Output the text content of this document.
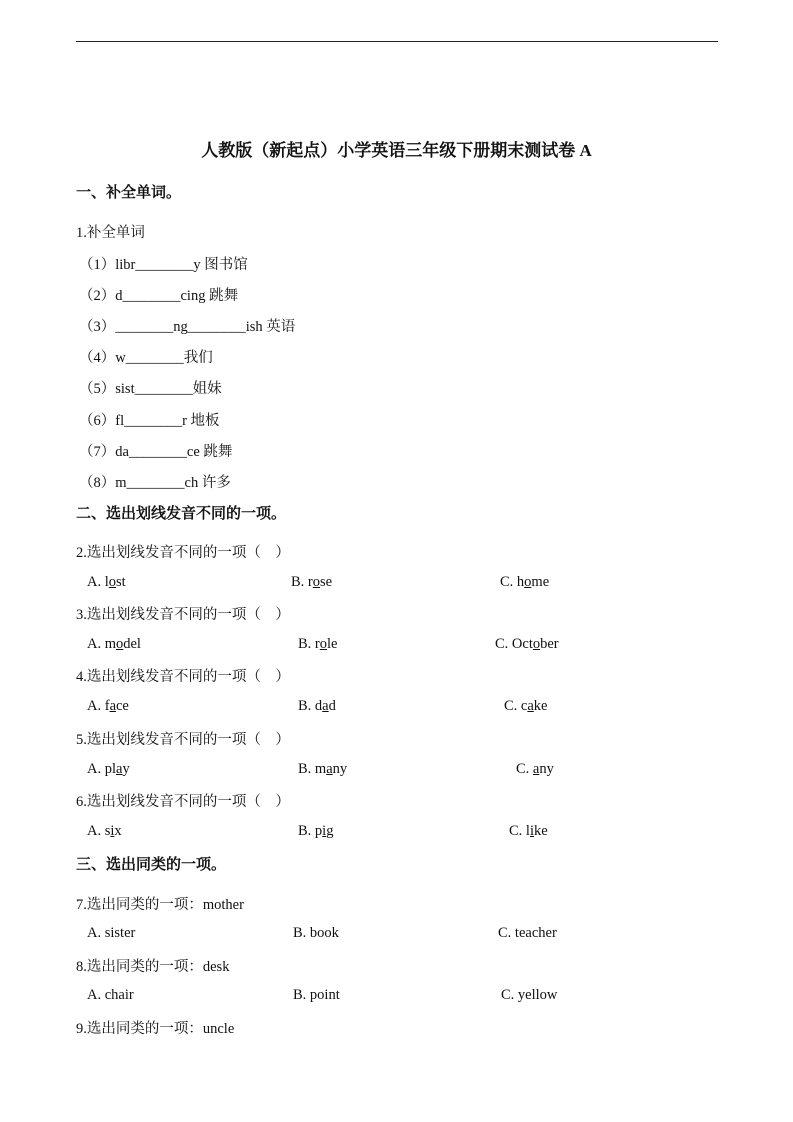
人教版（新起点）小学英语三年级下册期末测试卷 A
一、补全单词。
1.补全单词
（1）libr________y 图书馆
（2）d________cing 跳舞
（3）________ng________ish 英语
（4）w________我们
（5）sist________姐妹
（6）fl________r 地板
（7）da________ce 跳舞
（8）m________ch 许多
二、选出划线发音不同的一项。
2.选出划线发音不同的一项（　）
A. lost	B. rose	C. home
3.选出划线发音不同的一项（　）
A. model	B. role	C. October
4.选出划线发音不同的一项（　）
A. face	B. dad	C. cake
5.选出划线发音不同的一项（　）
A. play	B. many	C. any
6.选出划线发音不同的一项（　）
A. six	B. pig	C. like
三、选出同类的一项。
7.选出同类的一项：mother
A. sister	B. book	C. teacher
8.选出同类的一项：desk
A. chair	B. point	C. yellow
9.选出同类的一项：uncle
